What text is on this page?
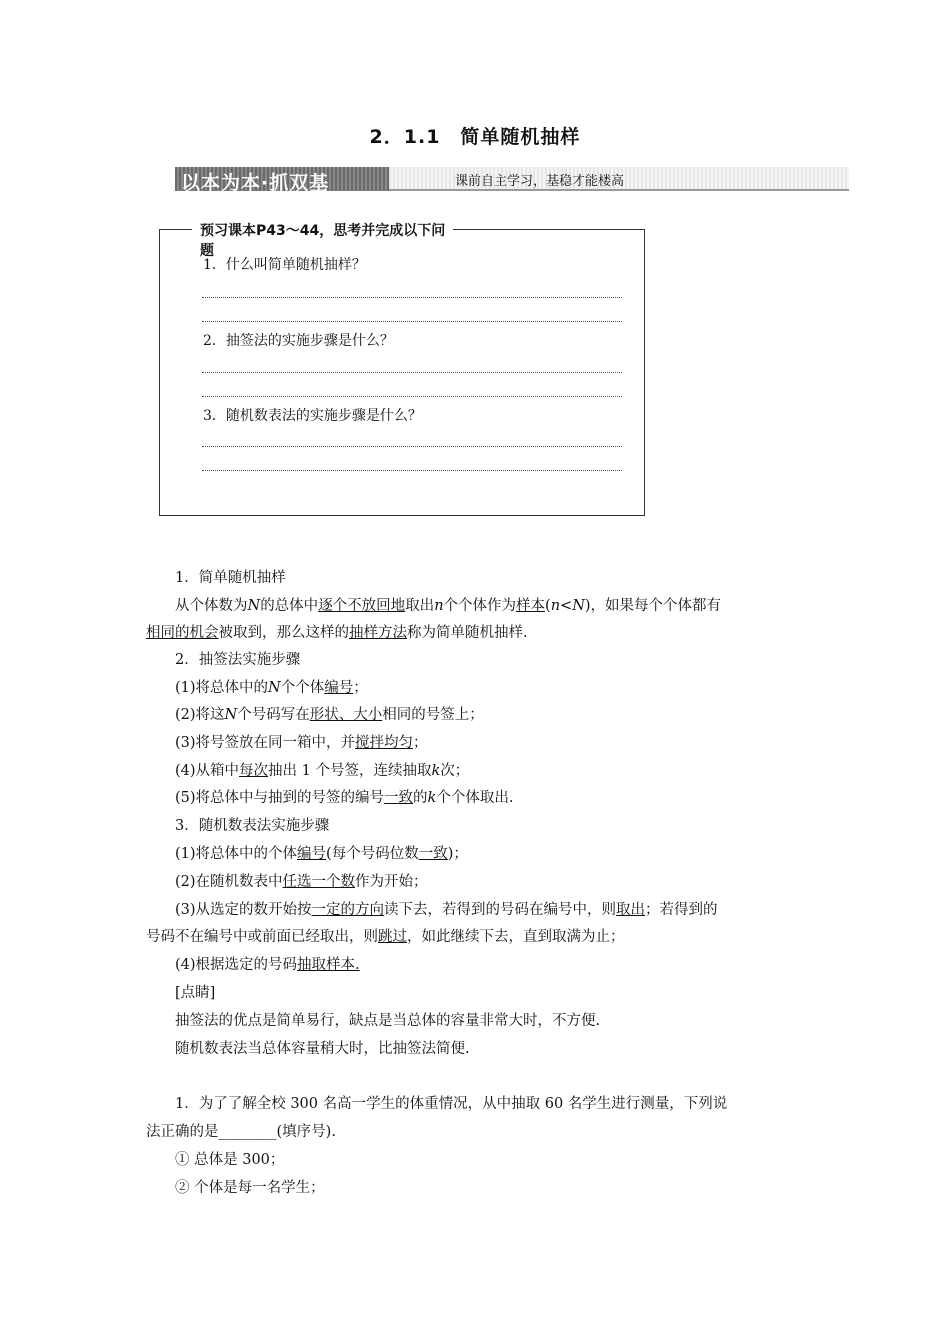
2．1.1　简单随机抽样
以本为本·抓双基	课前自主学习，基稳才能楼高
预习课本P43～44，思考并完成以下问
题
1．什么叫简单随机抽样？
2．抽签法的实施步骤是什么？
3．随机数表法的实施步骤是什么？
1．简单随机抽样
从个体数为N的总体中逐个不放回地取出n个个体作为样本(n<N)，如果每个个体都有
相同的机会被取到，那么这样的抽样方法称为简单随机抽样.
2．抽签法实施步骤
(1)将总体中的N个个体编号；
(2)将这N个号码写在形状、大小相同的号签上；
(3)将号签放在同一箱中，并搅拌均匀；
(4)从箱中每次抽出 1 个号签，连续抽取k次；
(5)将总体中与抽到的号签的编号一致的k个个体取出.
3．随机数表法实施步骤
(1)将总体中的个体编号(每个号码位数一致)；
(2)在随机数表中任选一个数作为开始；
(3)从选定的数开始按一定的方向读下去，若得到的号码在编号中，则取出；若得到的
号码不在编号中或前面已经取出，则跳过，如此继续下去，直到取满为止；
(4)根据选定的号码抽取样本.
[点睛]
抽签法的优点是简单易行，缺点是当总体的容量非常大时，不方便.
随机数表法当总体容量稍大时，比抽签法简便.
1．为了了解全校 300 名高一学生的体重情况，从中抽取 60 名学生进行测量，下列说
法正确的是________(填序号).
① 总体是 300；
② 个体是每一名学生；
